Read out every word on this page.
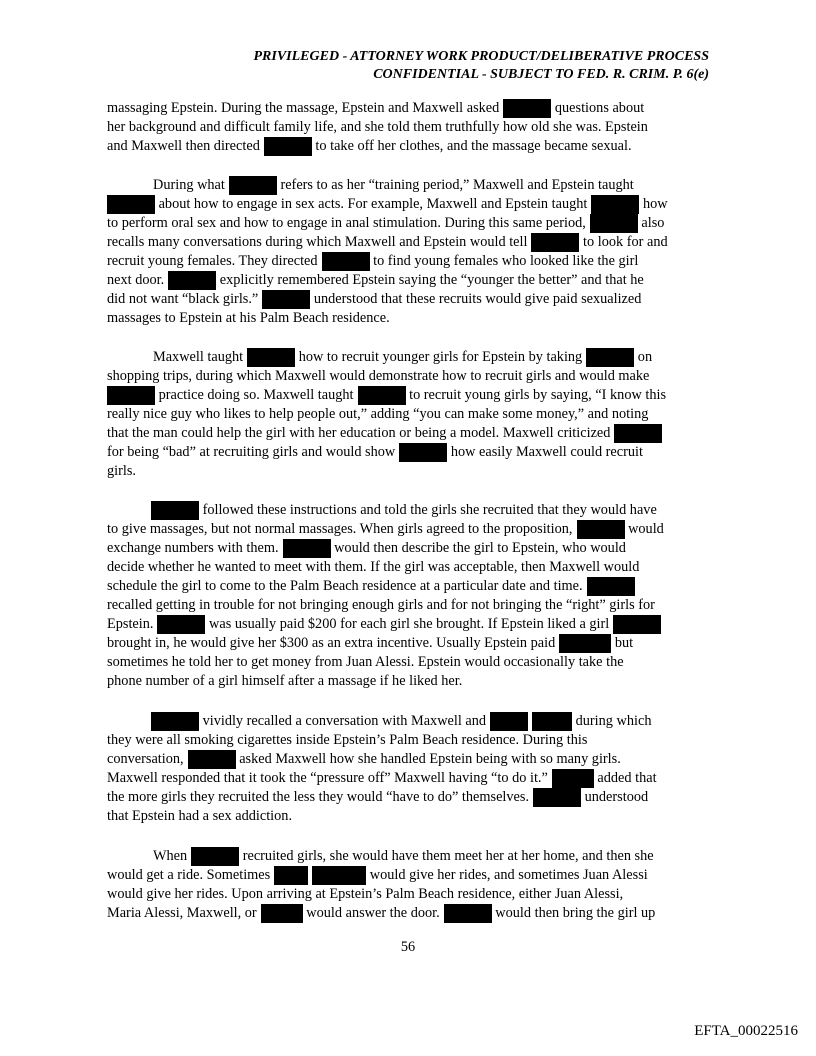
PRIVILEGED - ATTORNEY WORK PRODUCT/DELIBERATIVE PROCESS
CONFIDENTIAL - SUBJECT TO FED. R. CRIM. P. 6(e)
massaging Epstein. During the massage, Epstein and Maxwell asked	questions about
her background and difficult family life, and she told them truthfully how old she was. Epstein
and Maxwell then directed	to take off her clothes, and the massage became sexual.
During what	refers to as her “training period,” Maxwell and Epstein taught
about how to engage in sex acts. For example, Maxwell and Epstein taught	how
to perform oral sex and how to engage in anal stimulation. During this same period,	also
recalls many conversations during which Maxwell and Epstein would tell	to look for and
recruit young females. They directed	to find young females who looked like the girl
next door.	explicitly remembered Epstein saying the “younger the better” and that he
did not want “black girls.”	understood that these recruits would give paid sexualized
massages to Epstein at his Palm Beach residence.
Maxwell taught	how to recruit younger girls for Epstein by taking	on
shopping trips, during which Maxwell would demonstrate how to recruit girls and would make
practice doing so. Maxwell taught	to recruit young girls by saying, “I know this
really nice guy who likes to help people out,” adding “you can make some money,” and noting
that the man could help the girl with her education or being a model. Maxwell criticized
for being “bad” at recruiting girls and would show	how easily Maxwell could recruit
girls.
followed these instructions and told the girls she recruited that they would have
to give massages, but not normal massages. When girls agreed to the proposition,	would
exchange numbers with them.	would then describe the girl to Epstein, who would
decide whether he wanted to meet with them. If the girl was acceptable, then Maxwell would
schedule the girl to come to the Palm Beach residence at a particular date and time.
recalled getting in trouble for not bringing enough girls and for not bringing the “right” girls for
Epstein.	was usually paid $200 for each girl she brought. If Epstein liked a girl
brought in, he would give her $300 as an extra incentive. Usually Epstein paid	but
sometimes he told her to get money from Juan Alessi. Epstein would occasionally take the
phone number of a girl himself after a massage if he liked her.
vividly recalled a conversation with Maxwell and	during which
they were all smoking cigarettes inside Epstein’s Palm Beach residence. During this
conversation,	asked Maxwell how she handled Epstein being with so many girls.
Maxwell responded that it took the “pressure off” Maxwell having “to do it.”	added that
the more girls they recruited the less they would “have to do” themselves.	understood
that Epstein had a sex addiction.
When	recruited girls, she would have them meet her at her home, and then she
would get a ride. Sometimes	would give her rides, and sometimes Juan Alessi
would give her rides. Upon arriving at Epstein’s Palm Beach residence, either Juan Alessi,
Maria Alessi, Maxwell, or	would answer the door.	would then bring the girl up
56
EFTA_00022516
